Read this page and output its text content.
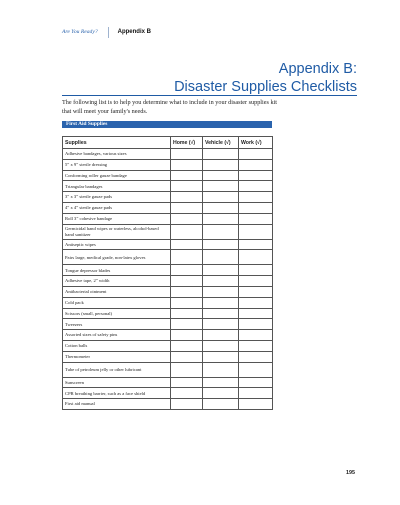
Are You Ready?	Appendix B
Appendix B:
Disaster Supplies Checklists

The following list is to help you determine what to include in your disaster supplies kit that will meet your family's needs.

First Aid Supplies
Supplies	Home (√)	Vehicle (√)	Work (√)
Adhesive bandages, various sizes			
5” x 9” sterile dressing			
Conforming roller gauze bandage			
Triangular bandages			
3” x 3” sterile gauze pads			
4” x 4” sterile gauze pads			
Roll 3” cohesive bandage			
Germicidal hand wipes or waterless, alcohol-based hand sanitizer			
Antiseptic wipes			
Pairs large, medical grade, non-latex gloves			
Tongue depressor blades			
Adhesive tape, 2” width			
Antibacterial ointment			
Cold pack			
Scissors (small, personal)			
Tweezers			
Assorted sizes of safety pins			
Cotton balls			
Thermometer			
Tube of petroleum jelly or other lubricant			
Sunscreen			
CPR breathing barrier, such as a face shield			
First aid manual			
195
